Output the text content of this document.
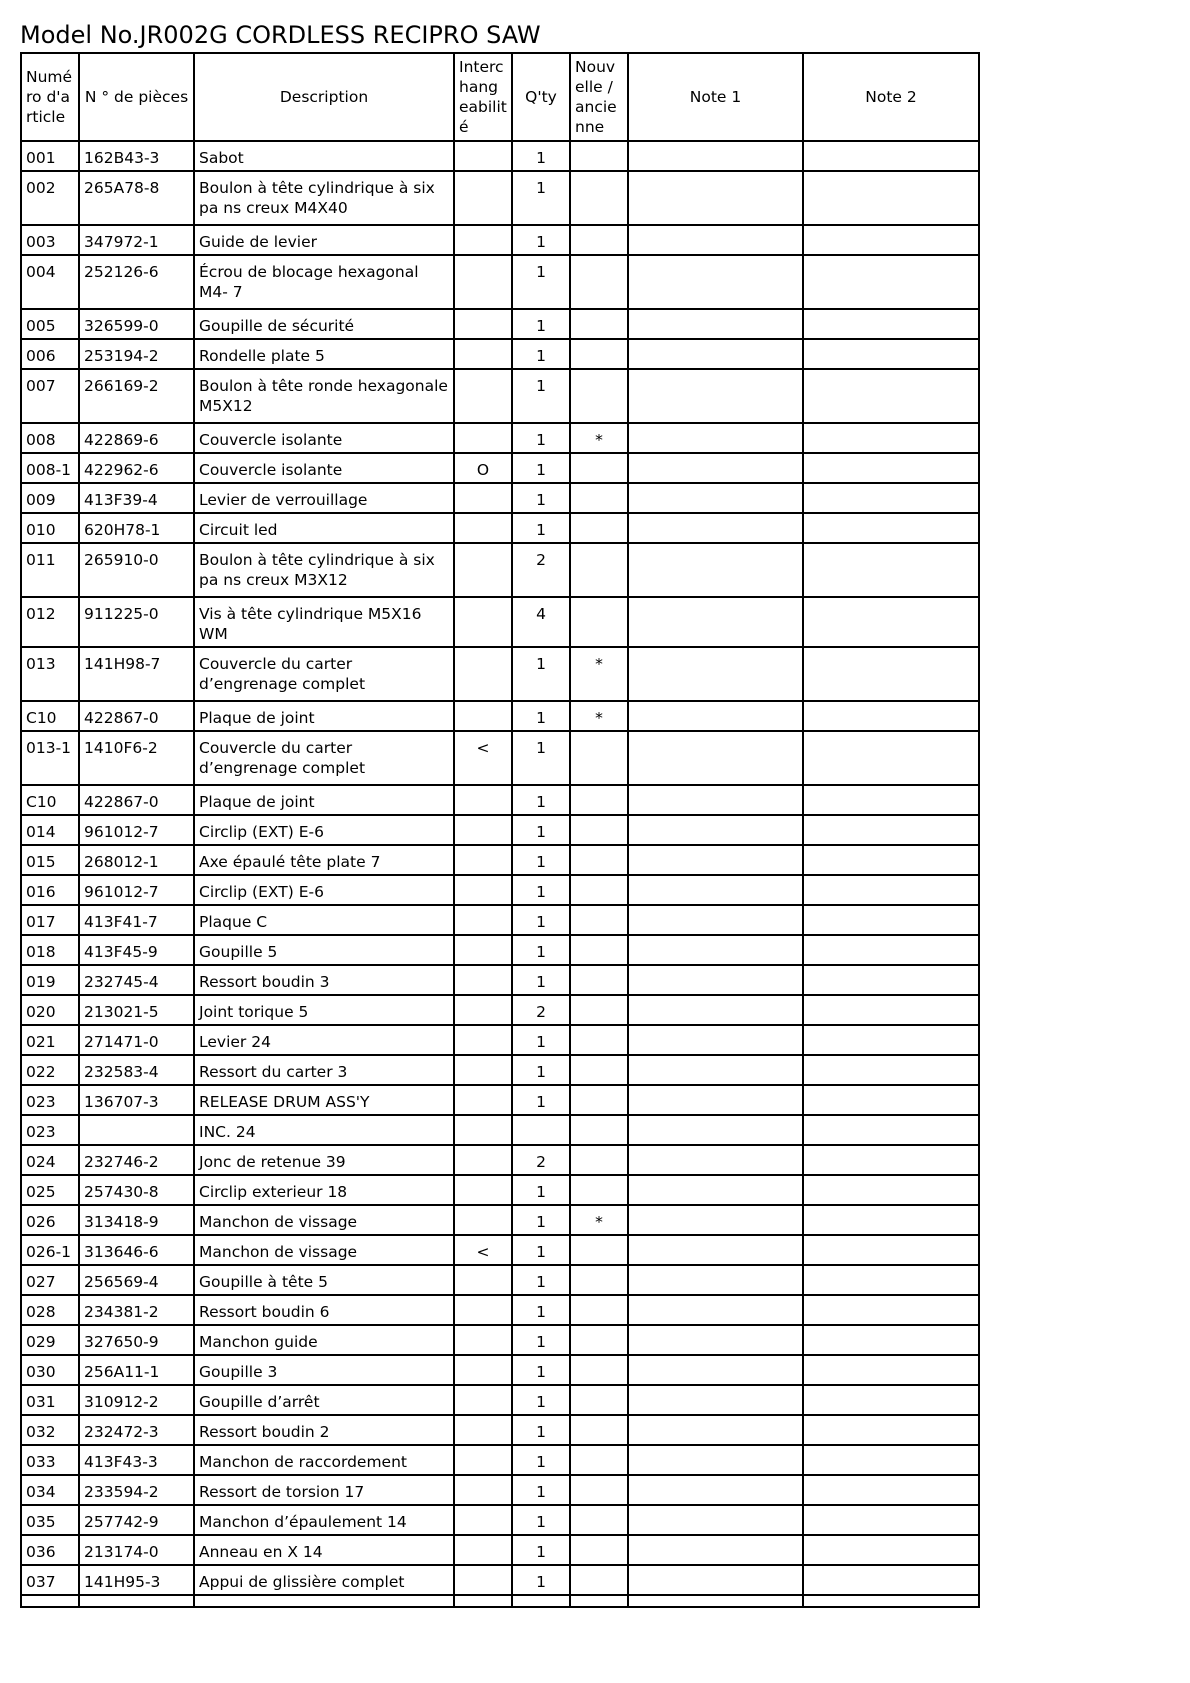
Model No.JR002G CORDLESS RECIPRO SAW
Numé ro d'a rticle	N ° de pièces	Description	Interc hang eabilit é	Q'ty	Nouv elle / ancie nne	Note 1	Note 2
001	162B43-3	Sabot		1			
002	265A78-8	Boulon à tête cylindrique à six pa ns creux M4X40		1			
003	347972-1	Guide de levier		1			
004	252126-6	Écrou de blocage hexagonal M4- 7		1			
005	326599-0	Goupille de sécurité		1			
006	253194-2	Rondelle plate 5		1			
007	266169-2	Boulon à tête ronde hexagonale M5X12		1			
008	422869-6	Couvercle isolante		1	*		
008-1	422962-6	Couvercle isolante	O	1			
009	413F39-4	Levier de verrouillage		1			
010	620H78-1	Circuit led		1			
011	265910-0	Boulon à tête cylindrique à six pa ns creux M3X12		2			
012	911225-0	Vis à tête cylindrique M5X16 WM		4			
013	141H98-7	Couvercle du carter d’engrenage complet		1	*		
C10	422867-0	Plaque de joint		1	*		
013-1	1410F6-2	Couvercle du carter d’engrenage complet	<	1			
C10	422867-0	Plaque de joint		1			
014	961012-7	Circlip (EXT) E-6		1			
015	268012-1	Axe épaulé tête plate 7		1			
016	961012-7	Circlip (EXT) E-6		1			
017	413F41-7	Plaque C		1			
018	413F45-9	Goupille 5		1			
019	232745-4	Ressort boudin 3		1			
020	213021-5	Joint torique 5		2			
021	271471-0	Levier 24		1			
022	232583-4	Ressort du carter 3		1			
023	136707-3	RELEASE DRUM ASS'Y		1			
023		INC. 24					
024	232746-2	Jonc de retenue 39		2			
025	257430-8	Circlip exterieur 18		1			
026	313418-9	Manchon de vissage		1	*		
026-1	313646-6	Manchon de vissage	<	1			
027	256569-4	Goupille à tête 5		1			
028	234381-2	Ressort boudin 6		1			
029	327650-9	Manchon guide		1			
030	256A11-1	Goupille 3		1			
031	310912-2	Goupille d’arrêt		1			
032	232472-3	Ressort boudin 2		1			
033	413F43-3	Manchon de raccordement		1			
034	233594-2	Ressort de torsion 17		1			
035	257742-9	Manchon d’épaulement 14		1			
036	213174-0	Anneau en X 14		1			
037	141H95-3	Appui de glissière complet		1			
